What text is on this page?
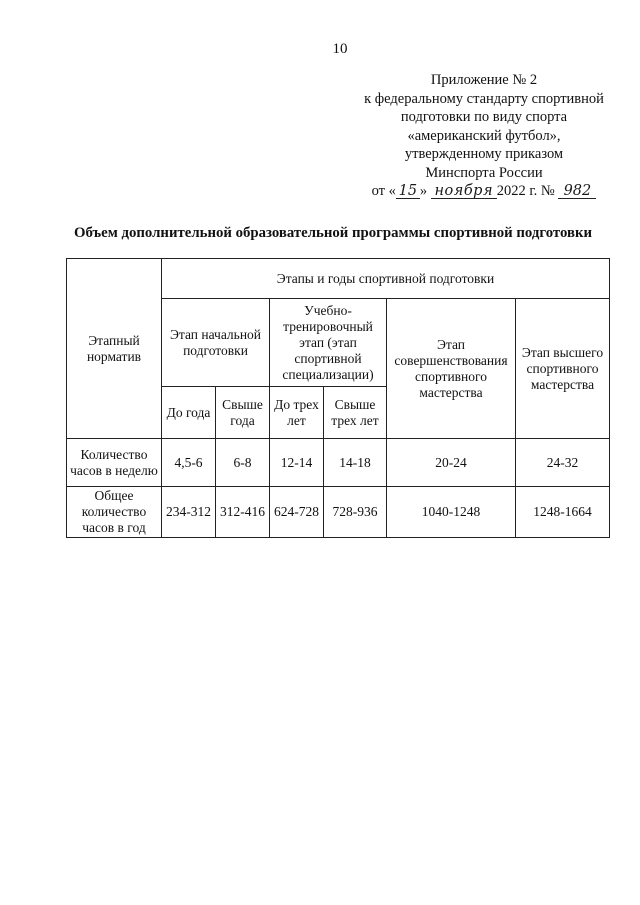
10
Приложение № 2
к федеральному стандарту спортивной
подготовки по виду спорта
«американский футбол»,
утвержденному приказом
Минспорта России
от « 15 » ноября 2022 г. № 982
Объем дополнительной образовательной программы спортивной подготовки
Этапный норматив	Этапы и годы спортивной подготовки					
	Этап начальной подготовки		Учебно-тренировочный этап (этап спортивной специализации)		Этап совершенствования спортивного мастерства	Этап высшего спортивного мастерства
	До года	Свыше года	До трех лет	Свыше трех лет		
Количество часов в неделю	4,5-6	6-8	12-14	14-18	20-24	24-32
Общее количество часов в год	234-312	312-416	624-728	728-936	1040-1248	1248-1664
